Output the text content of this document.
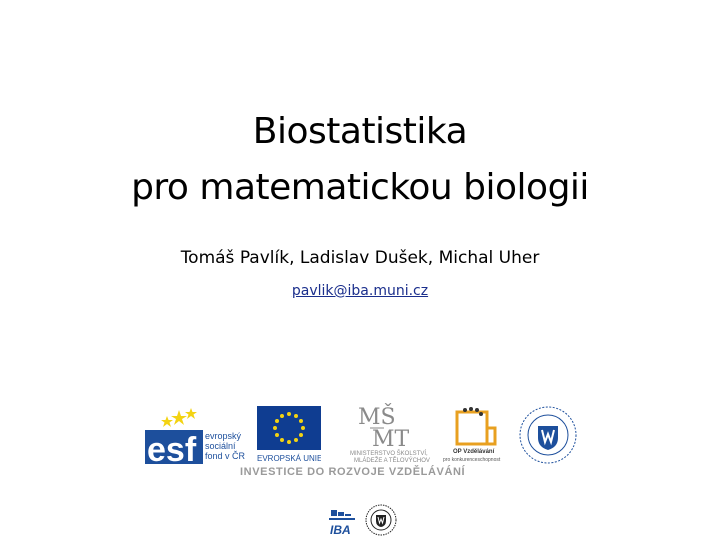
Biostatistika
pro matematickou biologii
Tomáš Pavlík, Ladislav Dušek, Michal Uher
pavlik@iba.muni.cz
esf evropský
sociální
fond v ČR EVROPSKÁ UNIE
MŠ
MT
MINISTERSTVO ŠKOLSTVÍ,
MLÁDEŽE A TĚLOVÝCHOVY
OP Vzdělávání
pro konkurenceschopnost
INVESTICE DO ROZVOJE VZDĚLÁVÁNÍ
IBA
